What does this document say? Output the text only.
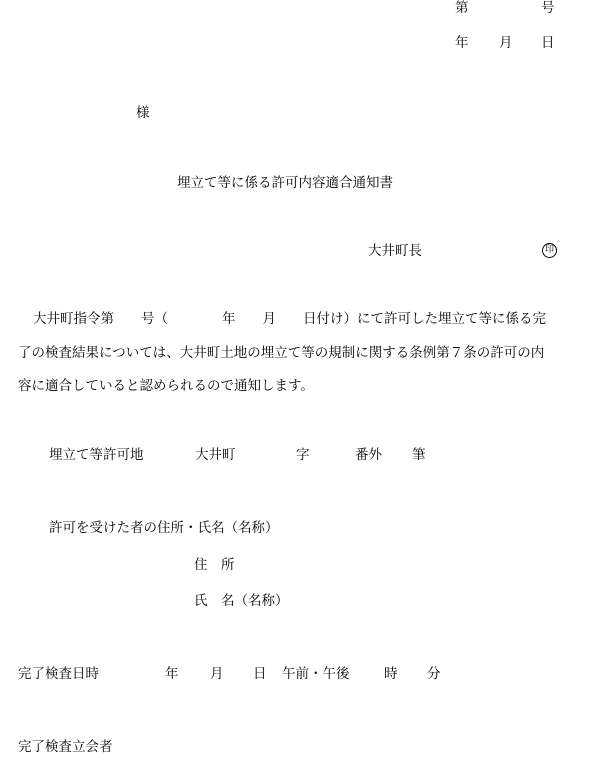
第	号
年 月 日
様
埋立て等に係る許可内容適合通知書
大井町長	印
大井町指令第　　号（　　　　年　　月　　日付け）にて許可した埋立て等に係る完
了の検査結果については、大井町土地の埋立て等の規制に関する条例第７条の許可の内
容に適合していると認められるので通知します。
埋立て等許可地	大井町	字	番外 筆
許可を受けた者の住所・氏名（名称）
住　所
氏　名（名称）
完了検査日時	年 月 日 午前・午後	時 分
完了検査立会者
